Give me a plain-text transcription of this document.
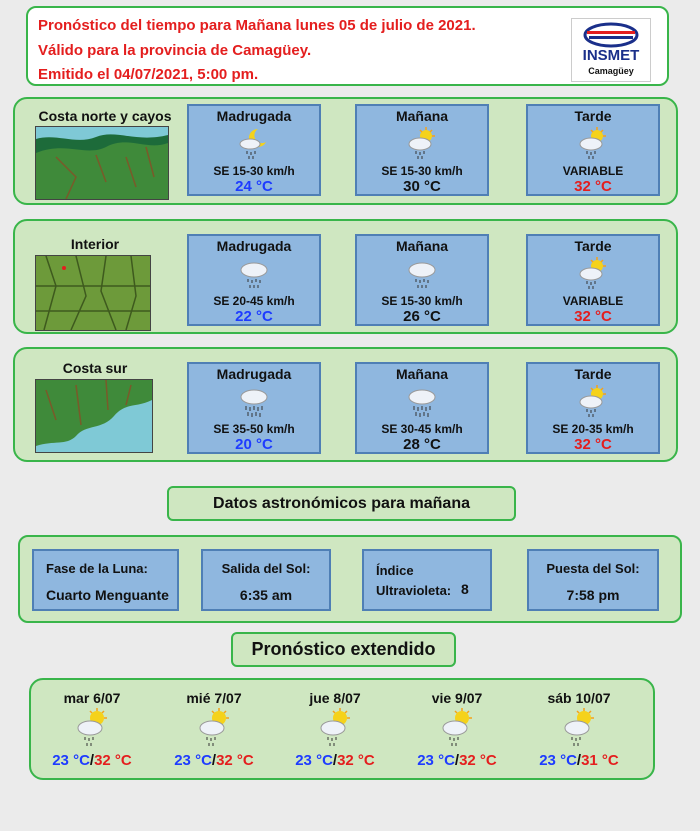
Pronóstico del tiempo para Mañana lunes 05 de julio de 2021.
Válido para la provincia de Camagüey.
Emitido el 04/07/2021, 5:00 pm.
INSMET
Camagüey
Costa norte y cayos	Madrugada
SE 15-30 km/h
24 °C
Mañana
SE 15-30 km/h
30 °C
Tarde
VARIABLE
32 °C
Interior	Madrugada
SE 20-45 km/h
22 °C
Mañana
SE 15-30 km/h
26 °C
Tarde
VARIABLE
32 °C
Costa sur	Madrugada
SE 35-50 km/h
20 °C
Mañana
SE 30-45 km/h
28 °C
Tarde
SE 20-35 km/h
32 °C
Datos astronómicos para mañana
Fase de la Luna:
Cuarto Menguante
Salida del Sol:
6:35 am
Índice
Ultravioleta: 8
Puesta del Sol:
7:58 pm
Pronóstico extendido
mar 6/07
23 °C/32 °C
mié 7/07
23 °C/32 °C
jue 8/07
23 °C/32 °C
vie 9/07
23 °C/32 °C
sáb 10/07
23 °C/31 °C
